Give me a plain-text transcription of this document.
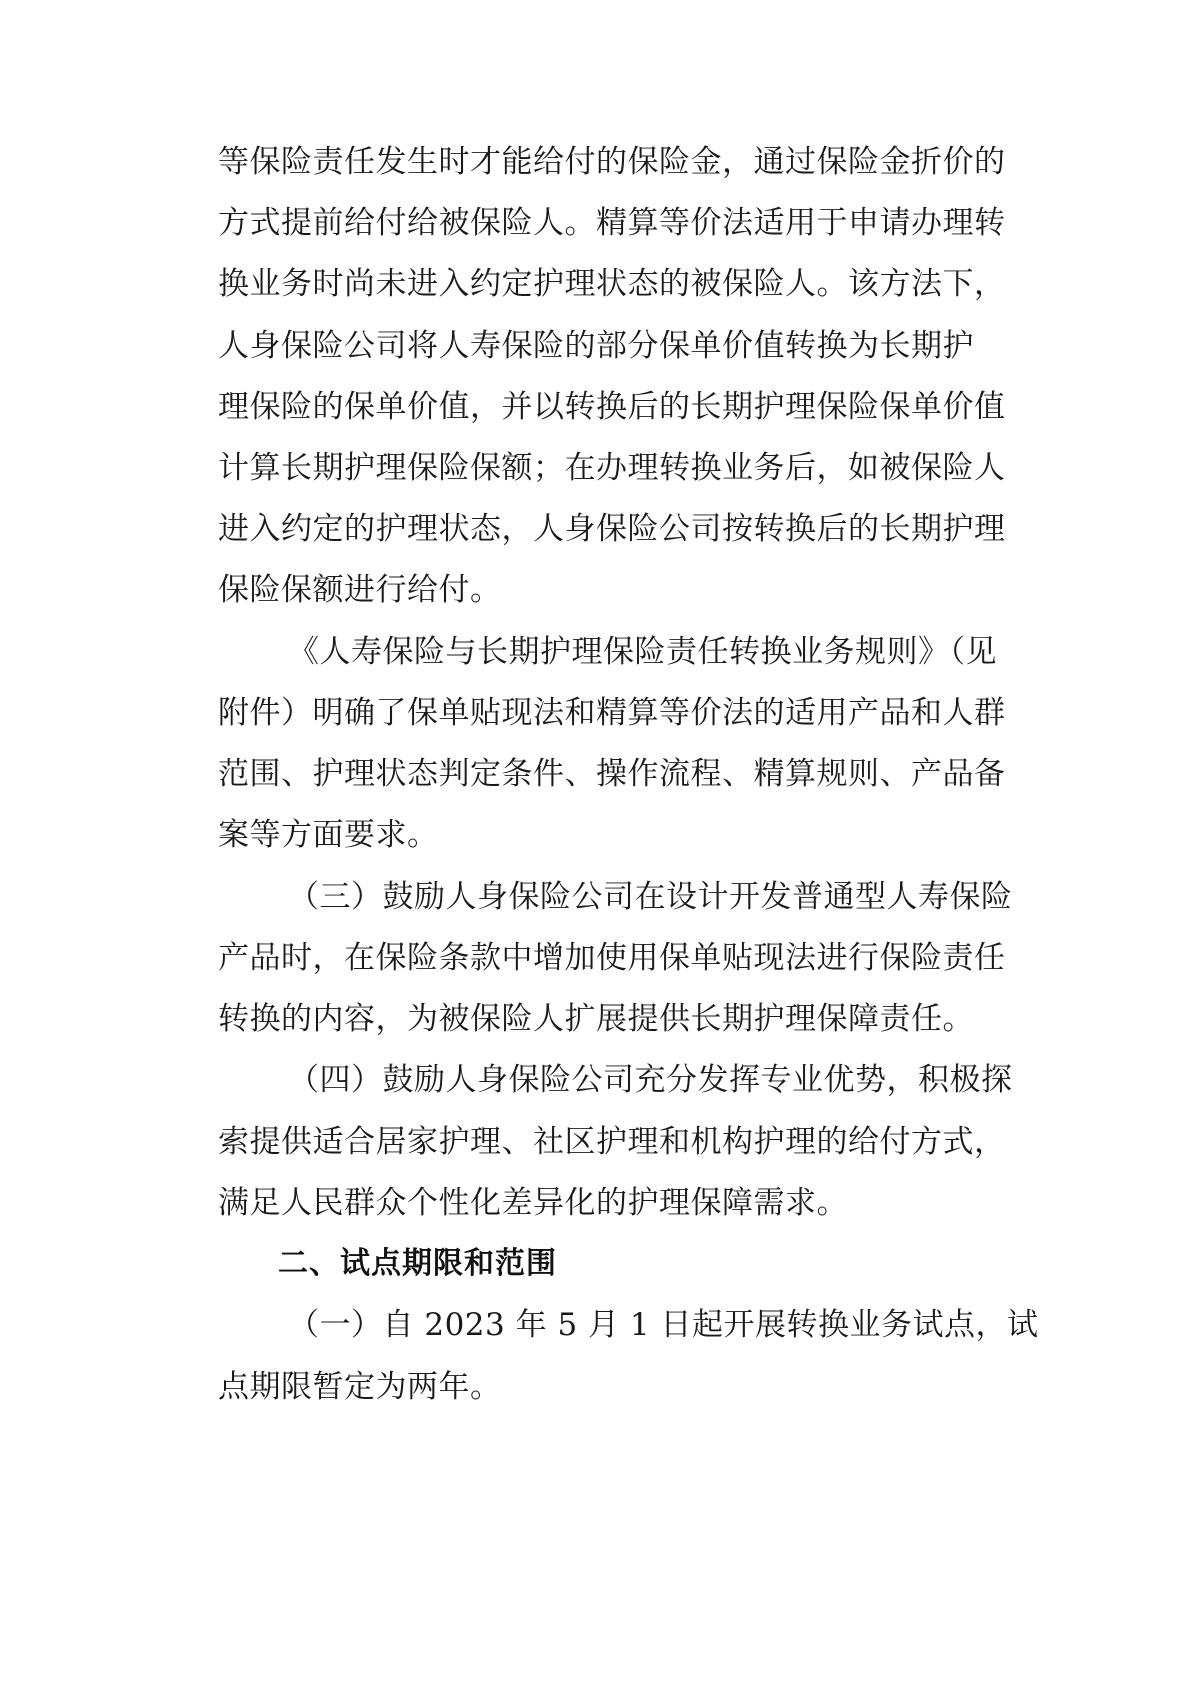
等保险责任发生时才能给付的保险金，通过保险金折价的
方式提前给付给被保险人。精算等价法适用于申请办理转
换业务时尚未进入约定护理状态的被保险人。该方法下，
人身保险公司将人寿保险的部分保单价值转换为长期护
理保险的保单价值，并以转换后的长期护理保险保单价值
计算长期护理保险保额；在办理转换业务后，如被保险人
进入约定的护理状态，人身保险公司按转换后的长期护理
保险保额进行给付。
《人寿保险与长期护理保险责任转换业务规则》（见
附件）明确了保单贴现法和精算等价法的适用产品和人群
范围、护理状态判定条件、操作流程、精算规则、产品备
案等方面要求。
（三）鼓励人身保险公司在设计开发普通型人寿保险
产品时，在保险条款中增加使用保单贴现法进行保险责任
转换的内容，为被保险人扩展提供长期护理保障责任。
（四）鼓励人身保险公司充分发挥专业优势，积极探
索提供适合居家护理、社区护理和机构护理的给付方式，
满足人民群众个性化差异化的护理保障需求。
二、试点期限和范围
（一）自 2023 年 5 月 1 日起开展转换业务试点，试
点期限暂定为两年。
